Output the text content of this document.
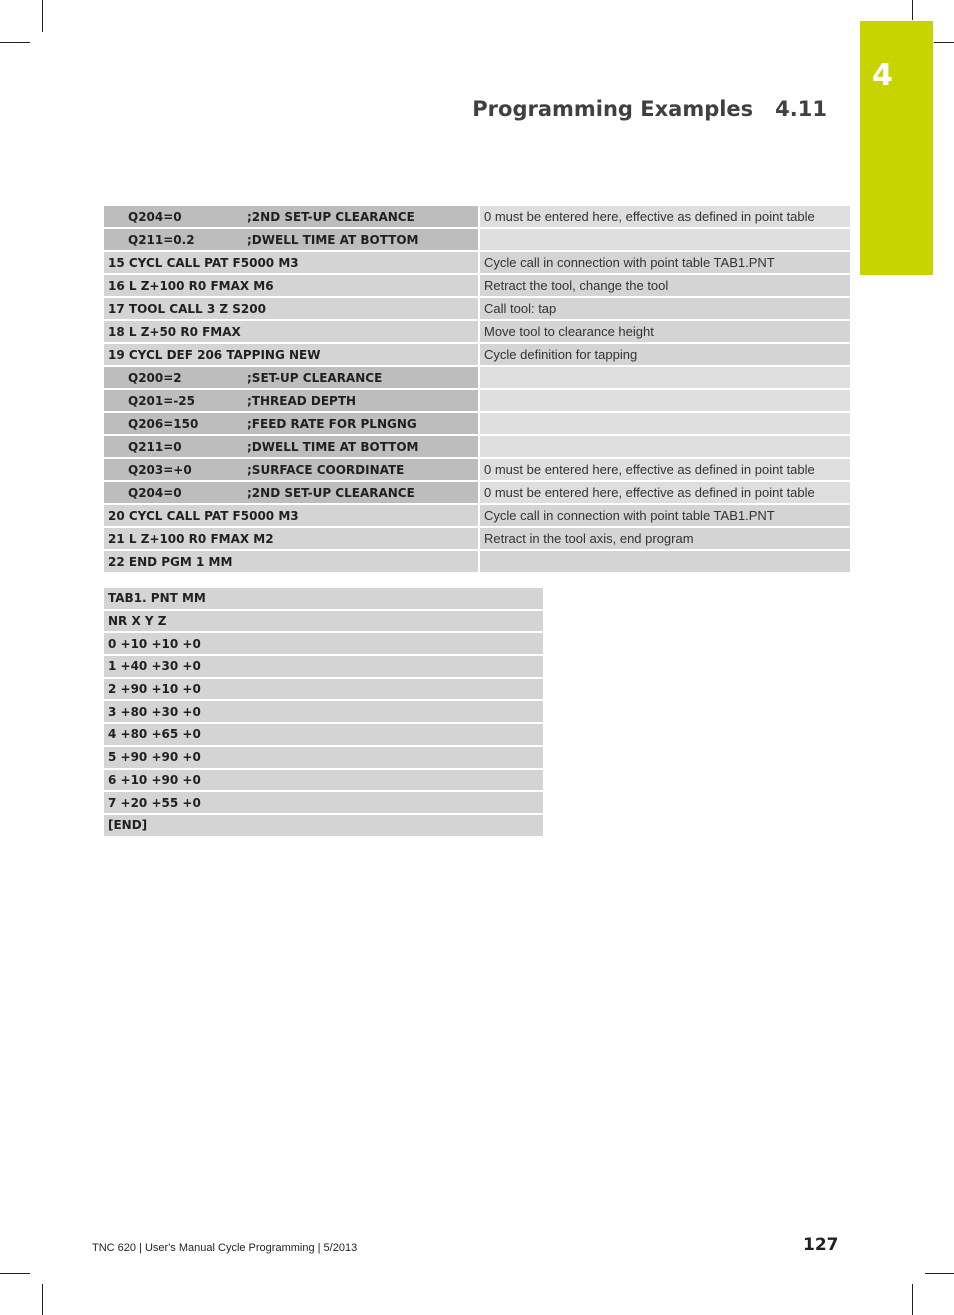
4
Programming Examples 4.11
Q204=0 ;2ND SET-UP CLEARANCE	0 must be entered here, effective as defined in point table
Q211=0.2 ;DWELL TIME AT BOTTOM	
15 CYCL CALL PAT F5000 M3	Cycle call in connection with point table TAB1.PNT
16 L Z+100 R0 FMAX M6	Retract the tool, change the tool
17 TOOL CALL 3 Z S200	Call tool: tap
18 L Z+50 R0 FMAX	Move tool to clearance height
19 CYCL DEF 206 TAPPING NEW	Cycle definition for tapping
Q200=2 ;SET-UP CLEARANCE	
Q201=-25 ;THREAD DEPTH	
Q206=150 ;FEED RATE FOR PLNGNG	
Q211=0 ;DWELL TIME AT BOTTOM	
Q203=+0 ;SURFACE COORDINATE	0 must be entered here, effective as defined in point table
Q204=0 ;2ND SET-UP CLEARANCE	0 must be entered here, effective as defined in point table
20 CYCL CALL PAT F5000 M3	Cycle call in connection with point table TAB1.PNT
21 L Z+100 R0 FMAX M2	Retract in the tool axis, end program
22 END PGM 1 MM	
TAB1. PNT MM
NR X Y Z
0 +10 +10 +0
1 +40 +30 +0
2 +90 +10 +0
3 +80 +30 +0
4 +80 +65 +0
5 +90 +90 +0
6 +10 +90 +0
7 +20 +55 +0
[END]
TNC 620 | User's Manual Cycle Programming | 5/2013	127
